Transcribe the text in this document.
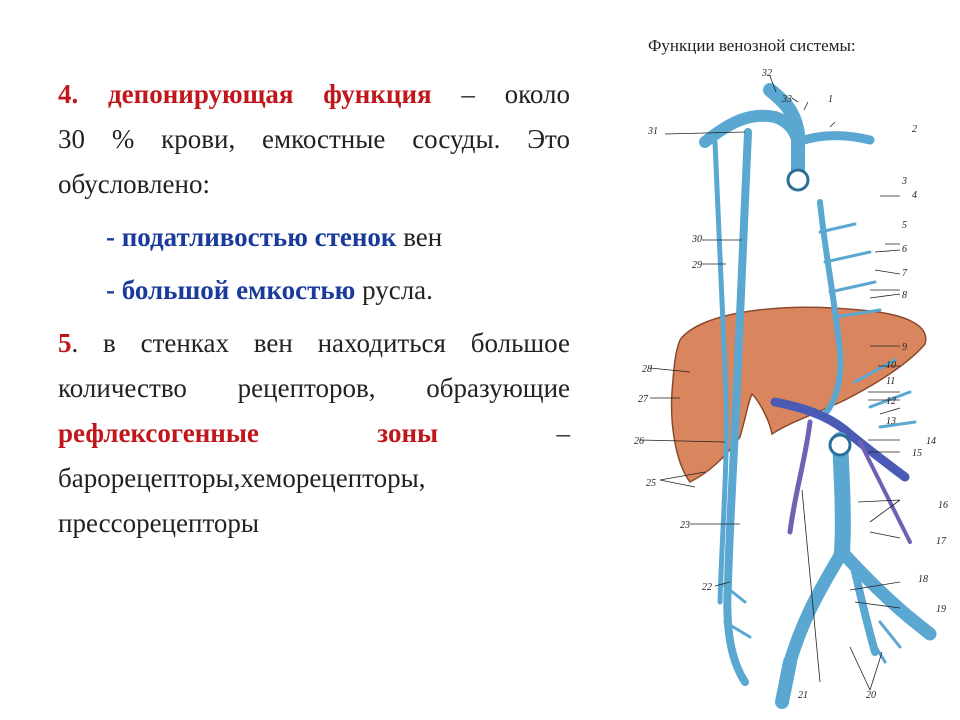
Функции венозной системы:

4. депонирующая функция – около

30 % крови, емкостные сосуды. Это

обусловлено:

- податливостью стенок вен

- большой емкостью русла.

5. в стенках вен находиться большое

количество рецепторов, образующие

рефлексогенные	зоны	–

барорецепторы,хеморецепторы,

прессорецепторы

32
33	1
2
31
3
4
5
6
7
8
30
29
9
10
11
12
13
14
15
28
27
26
25
16
23
17
18
22
19
21	20
